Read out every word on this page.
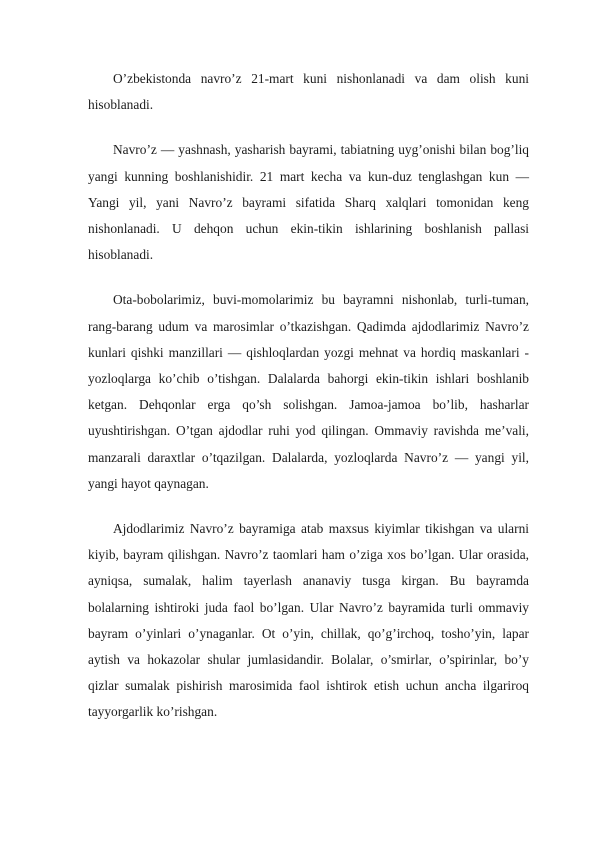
O’zbekistonda navro’z 21-mart kuni nishonlanadi va dam olish kuni hisoblanadi.

Navro’z — yashnash, yasharish bayrami, tabiatning uyg’onishi bilan bog’liq yangi kunning boshlanishidir. 21 mart kecha va kun-duz tenglashgan kun — Yangi yil, yani Navro’z bayrami sifatida Sharq xalqlari tomonidan keng nishonlanadi. U dehqon uchun ekin-tikin ishlarining boshlanish pallasi hisoblanadi.

Ota-bobolarimiz, buvi-momolarimiz bu bayramni nishonlab, turli-tuman, rang-barang udum va marosimlar o’tkazishgan. Qadimda ajdodlarimiz Navro’z kunlari qishki manzillari — qishloqlardan yozgi mehnat va hordiq maskanlari - yozloqlarga ko’chib o’tishgan. Dalalarda bahorgi ekin-tikin ishlari boshlanib ketgan. Dehqonlar erga qo’sh solishgan. Jamoa-jamoa bo’lib, hasharlar uyushtirishgan. O’tgan ajdodlar ruhi yod qilingan. Ommaviy ravishda me’vali, manzarali daraxtlar o’tqazilgan. Dalalarda, yozloqlarda Navro’z — yangi yil, yangi hayot qaynagan.

Ajdodlarimiz Navro’z bayramiga atab maxsus kiyimlar tikishgan va ularni kiyib, bayram qilishgan. Navro’z taomlari ham o’ziga xos bo’lgan. Ular orasida, ayniqsa, sumalak, halim tayerlash ananaviy tusga kirgan. Bu bayramda bolalarning ishtiroki juda faol bo’lgan. Ular Navro’z bayramida turli ommaviy bayram o’yinlari o’ynaganlar. Ot o’yin, chillak, qo’g’irchoq, tosho’yin, lapar aytish va hokazolar shular jumlasidandir. Bolalar, o’smirlar, o’spirinlar, bo’y qizlar sumalak pishirish marosimida faol ishtirok etish uchun ancha ilgariroq tayyorgarlik ko’rishgan.
